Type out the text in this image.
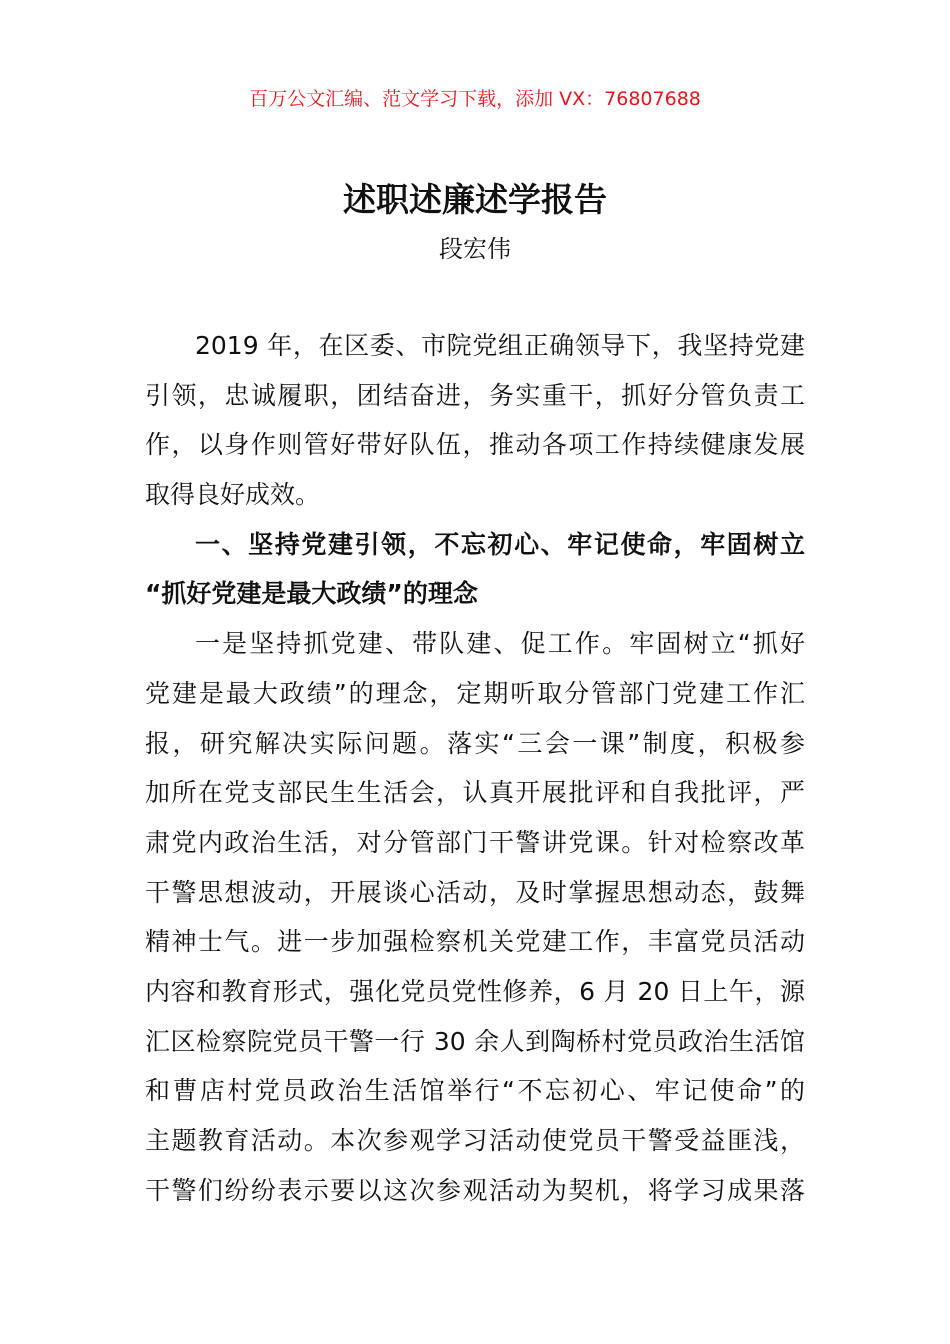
百万公文汇编、范文学习下载，添加 VX：76807688
述职述廉述学报告
段宏伟
2019 年，在区委、市院党组正确领导下，我坚持党建
引领，忠诚履职，团结奋进，务实重干，抓好分管负责工
作，以身作则管好带好队伍，推动各项工作持续健康发展
取得良好成效。
一、坚持党建引领，不忘初心、牢记使命，牢固树立
“抓好党建是最大政绩”的理念
一是坚持抓党建、带队建、促工作。牢固树立“抓好
党建是最大政绩”的理念，定期听取分管部门党建工作汇
报，研究解决实际问题。落实“三会一课”制度，积极参
加所在党支部民生生活会，认真开展批评和自我批评，严
肃党内政治生活，对分管部门干警讲党课。针对检察改革
干警思想波动，开展谈心活动，及时掌握思想动态，鼓舞
精神士气。进一步加强检察机关党建工作，丰富党员活动
内容和教育形式，强化党员党性修养，6 月 20 日上午，源
汇区检察院党员干警一行 30 余人到陶桥村党员政治生活馆
和曹店村党员政治生活馆举行“不忘初心、牢记使命”的
主题教育活动。本次参观学习活动使党员干警受益匪浅，
干警们纷纷表示要以这次参观活动为契机，将学习成果落
